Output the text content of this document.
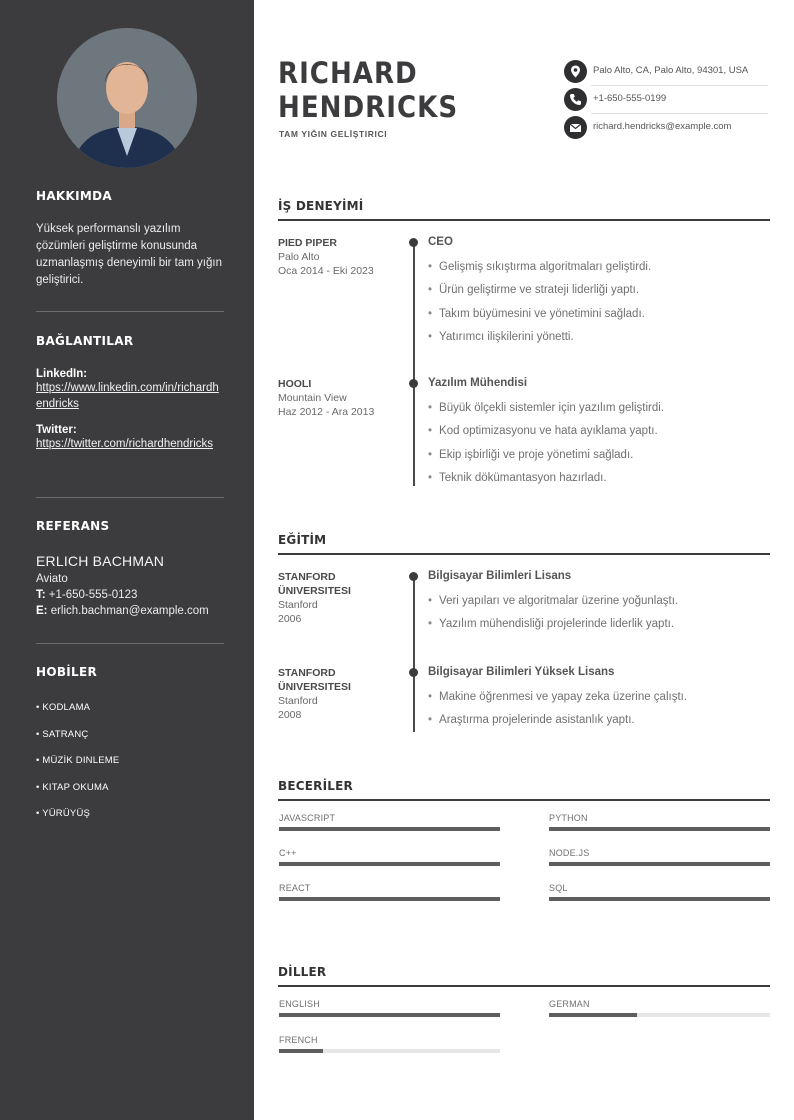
HAKKIMDA
Yüksek performanslı yazılım çözümleri geliştirme konusunda uzmanlaşmış deneyimli bir tam yığın geliştirici.
BAĞLANTILAR
LinkedIn:
https://www.linkedin.com/in/richardhendricks
Twitter:
https://twitter.com/richardhendricks
REFERANS
ERLICH BACHMAN
Aviato
T: +1-650-555-0123
E: erlich.bachman@example.com
HOBİLER
• KODLAMA
• SATRANÇ
• MÜZİK DINLEME
• KITAP OKUMA
• YÜRÜYÜŞ
RICHARD
HENDRICKS
TAM YIĞIN GELİŞTIRICI
Palo Alto, CA, Palo Alto, 94301, USA
+1-650-555-0199
richard.hendricks@example.com
İŞ DENEYİMİ
PIED PIPER
Palo Alto
Oca 2014 - Eki 2023
CEO
• Gelişmiş sıkıştırma algoritmaları geliştirdi.
• Ürün geliştirme ve strateji liderliği yaptı.
• Takım büyümesini ve yönetimini sağladı.
• Yatırımcı ilişkilerini yönetti.
HOOLI
Mountain View
Haz 2012 - Ara 2013
Yazılım Mühendisi
• Büyük ölçekli sistemler için yazılım geliştirdi.
• Kod optimizasyonu ve hata ayıklama yaptı.
• Ekip işbirliği ve proje yönetimi sağladı.
• Teknik dökümantasyon hazırladı.
EĞİTİM
STANFORD
ÜNIVERSITESI
Stanford
2006
Bilgisayar Bilimleri Lisans
• Veri yapıları ve algoritmalar üzerine yoğunlaştı.
• Yazılım mühendisliği projelerinde liderlik yaptı.
STANFORD
ÜNIVERSITESI
Stanford
2008
Bilgisayar Bilimleri Yüksek Lisans
• Makine öğrenmesi ve yapay zeka üzerine çalıştı.
• Araştırma projelerinde asistanlık yaptı.
BECERİLER
JAVASCRIPT	PYTHON
C++	NODE.JS
REACT	SQL
DİLLER
ENGLISH	GERMAN
FRENCH
